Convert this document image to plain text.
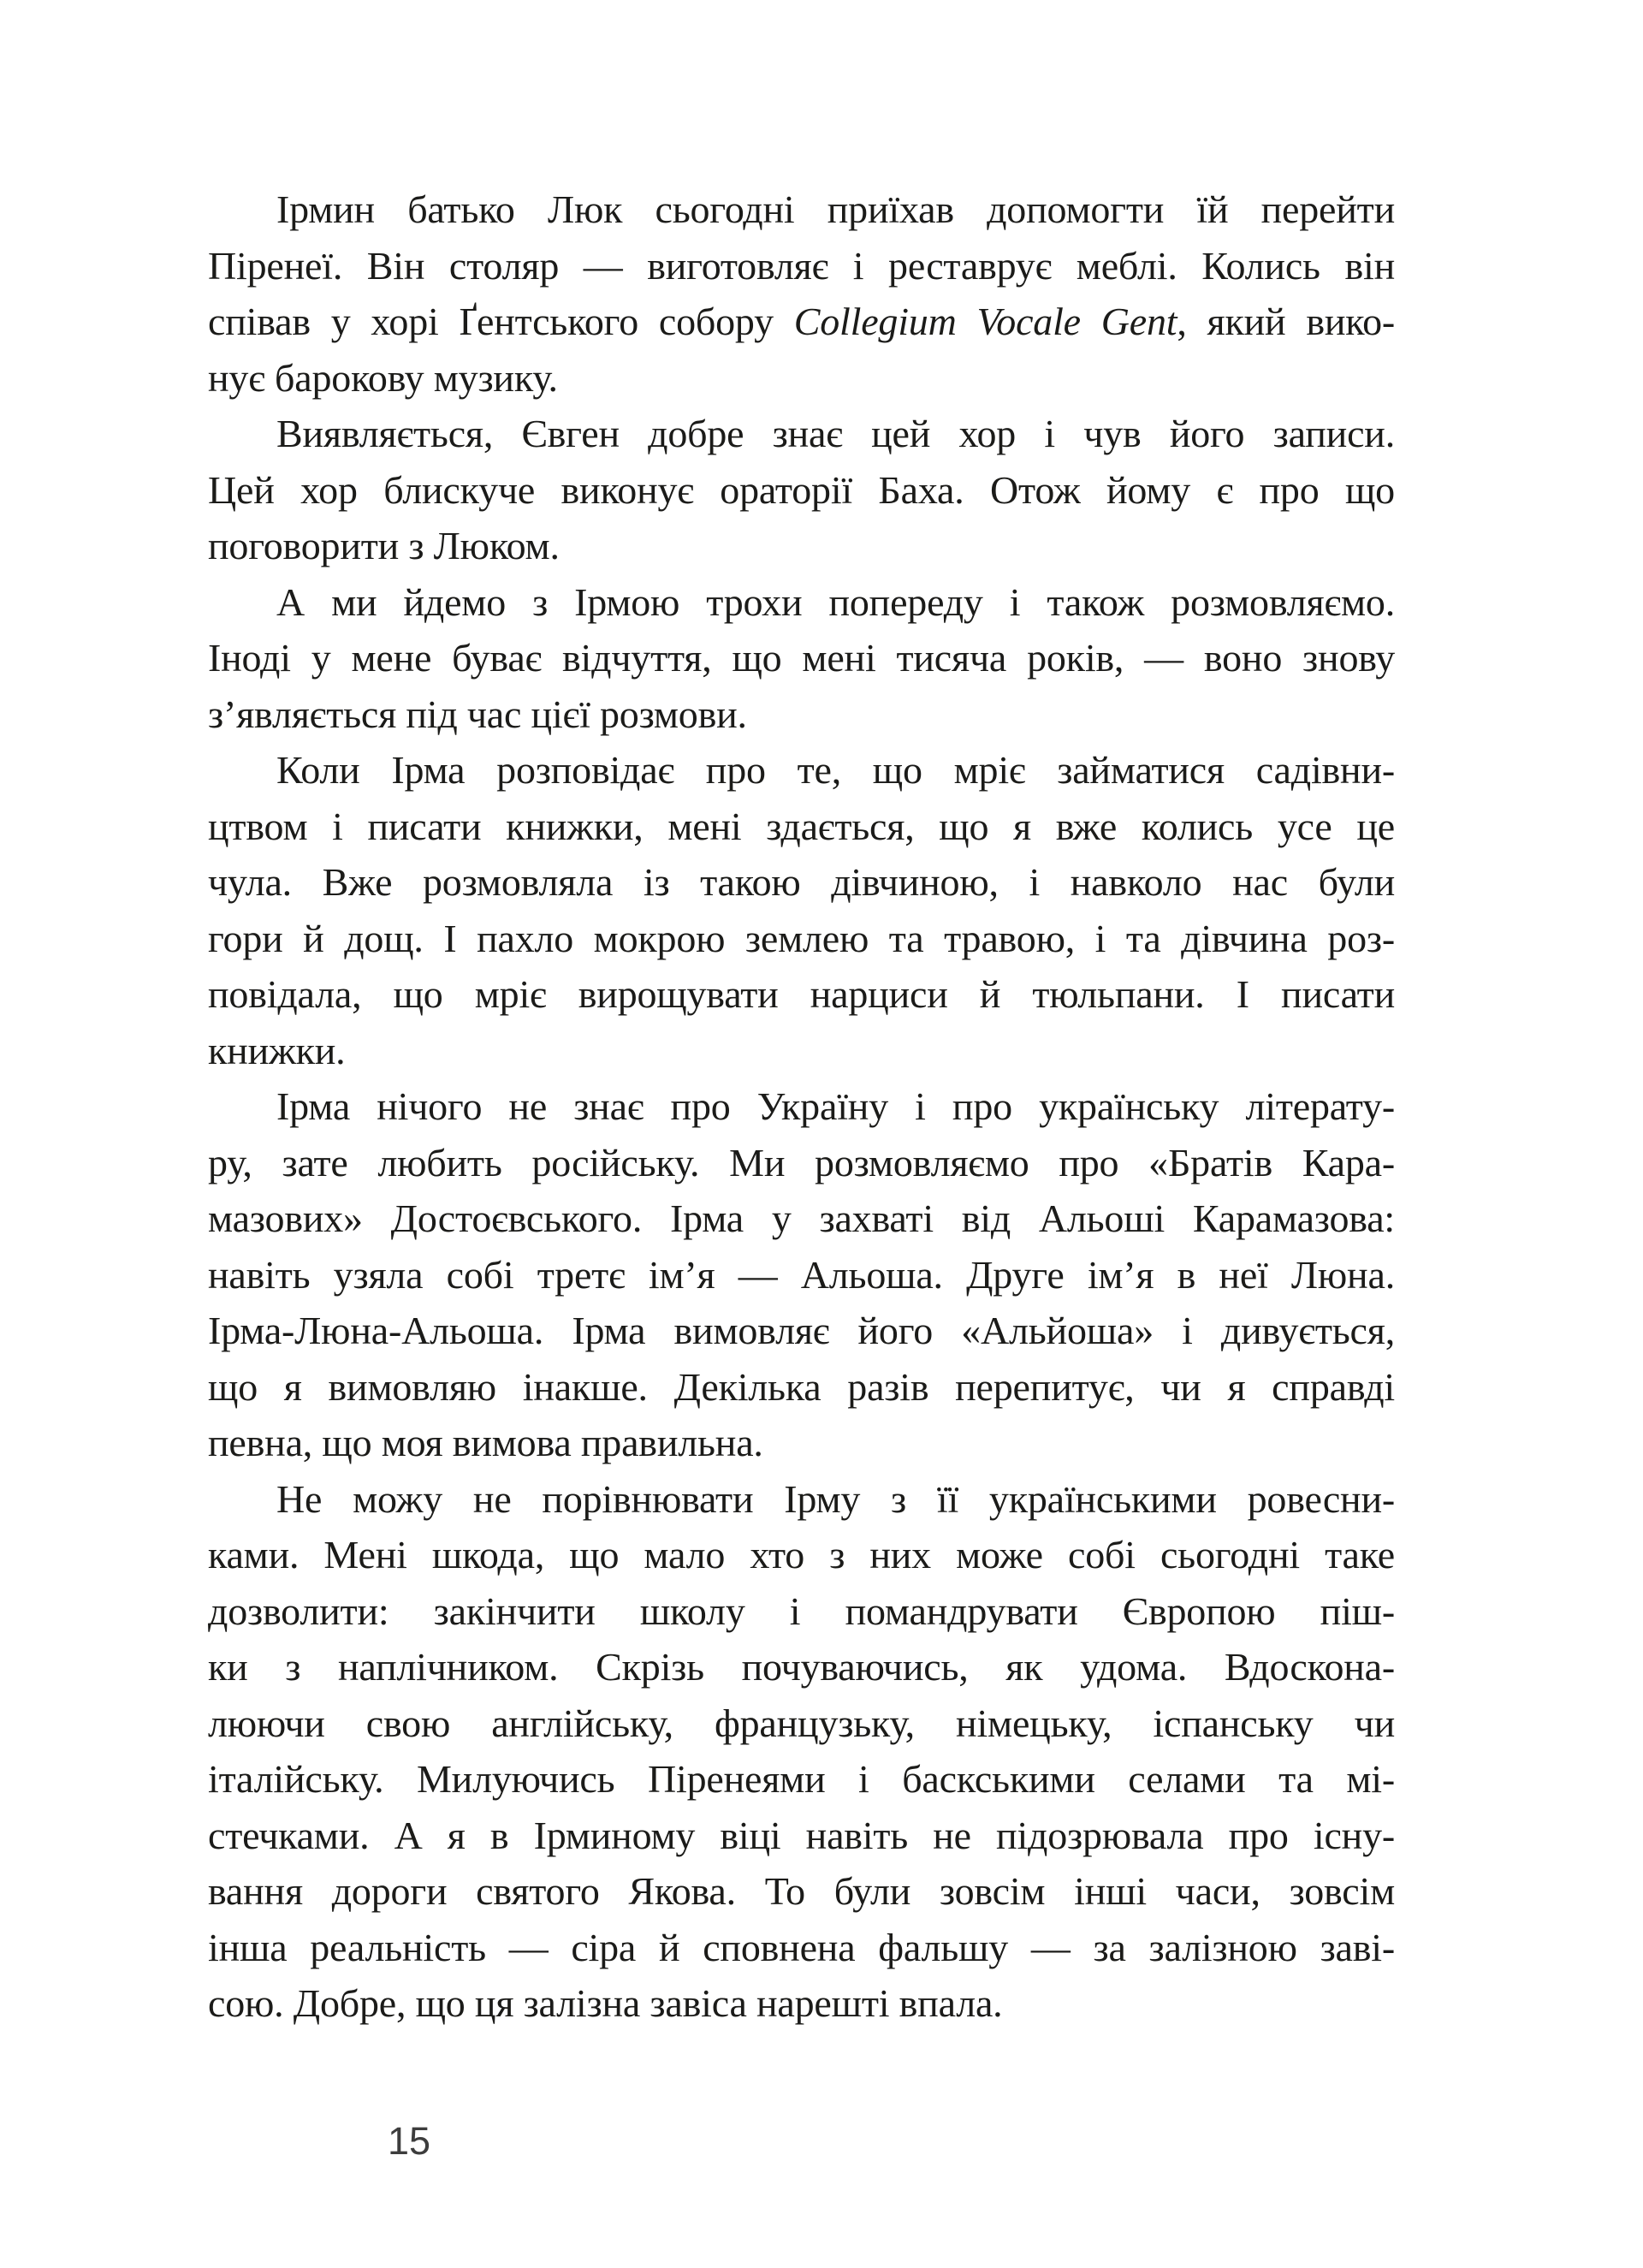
Ірмин батько Люк сьогодні приїхав допомогти їй перейти
Піренеї. Він столяр — виготовляє і реставрує меблі. Колись він
співав у хорі Ґентського собору Collegium Vocale Gent, який вико-
нує барокову музику.
Виявляється, Євген добре знає цей хор і чув його записи.
Цей хор блискуче виконує ораторії Баха. Отож йому є про що
поговорити з Люком.
А ми йдемо з Ірмою трохи попереду і також розмовляємо.
Іноді у мене буває відчуття, що мені тисяча років, — воно знову
з’являється під час цієї розмови.
Коли Ірма розповідає про те, що мріє займатися садівни-
цтвом і писати книжки, мені здається, що я вже колись усе це
чула. Вже розмовляла із такою дівчиною, і навколо нас були
гори й дощ. І пахло мокрою землею та травою, і та дівчина роз-
повідала, що мріє вирощувати нарциси й тюльпани. І писати
книжки.
Ірма нічого не знає про Україну і про українську літерату-
ру, зате любить російську. Ми розмовляємо про «Братів Кара-
мазових» Достоєвського. Ірма у захваті від Альоші Карамазова:
навіть узяла собі третє ім’я — Альоша. Друге ім’я в неї Люна.
Ірма-Люна-Альоша. Ірма вимовляє його «Альйоша» і дивується,
що я вимовляю інакше. Декілька разів перепитує, чи я справді
певна, що моя вимова правильна.
Не можу не порівнювати Ірму з її українськими ровесни-
ками. Мені шкода, що мало хто з них може собі сьогодні таке
дозволити: закінчити школу і помандрувати Європою піш-
ки з наплічником. Скрізь почуваючись, як удома. Вдоскона-
люючи свою англійську, французьку, німецьку, іспанську чи
італійську. Милуючись Піренеями і баскськими селами та мі-
стечками. А я в Ірминому віці навіть не підозрювала про існу-
вання дороги святого Якова. То були зовсім інші часи, зовсім
інша реальність — сіра й сповнена фальшу — за залізною заві-
сою. Добре, що ця залізна завіса нарешті впала.
15
